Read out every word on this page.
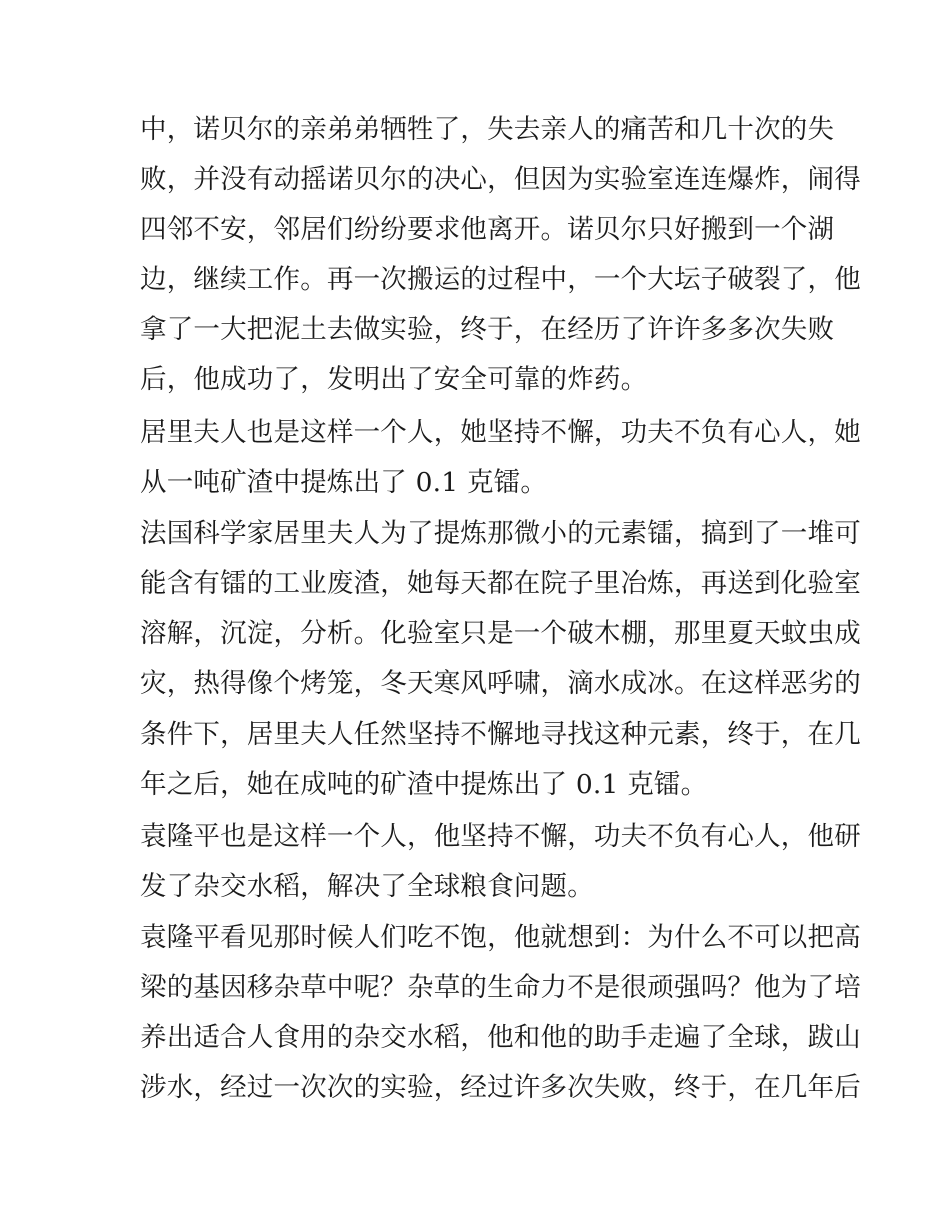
中，诺贝尔的亲弟弟牺牲了，失去亲人的痛苦和几十次的失
败，并没有动摇诺贝尔的决心，但因为实验室连连爆炸，闹得
四邻不安，邻居们纷纷要求他离开。诺贝尔只好搬到一个湖
边，继续工作。再一次搬运的过程中，一个大坛子破裂了，他
拿了一大把泥土去做实验，终于，在经历了许许多多次失败
后，他成功了，发明出了安全可靠的炸药。
居里夫人也是这样一个人，她坚持不懈，功夫不负有心人，她
从一吨矿渣中提炼出了 0.1 克镭。
法国科学家居里夫人为了提炼那微小的元素镭，搞到了一堆可
能含有镭的工业废渣，她每天都在院子里冶炼，再送到化验室
溶解，沉淀，分析。化验室只是一个破木棚，那里夏天蚊虫成
灾，热得像个烤笼，冬天寒风呼啸，滴水成冰。在这样恶劣的
条件下，居里夫人任然坚持不懈地寻找这种元素，终于，在几
年之后，她在成吨的矿渣中提炼出了 0.1 克镭。
袁隆平也是这样一个人，他坚持不懈，功夫不负有心人，他研
发了杂交水稻，解决了全球粮食问题。
袁隆平看见那时候人们吃不饱，他就想到：为什么不可以把高
梁的基因移杂草中呢？杂草的生命力不是很顽强吗？他为了培
养出适合人食用的杂交水稻，他和他的助手走遍了全球，跋山
涉水，经过一次次的实验，经过许多次失败，终于，在几年后
